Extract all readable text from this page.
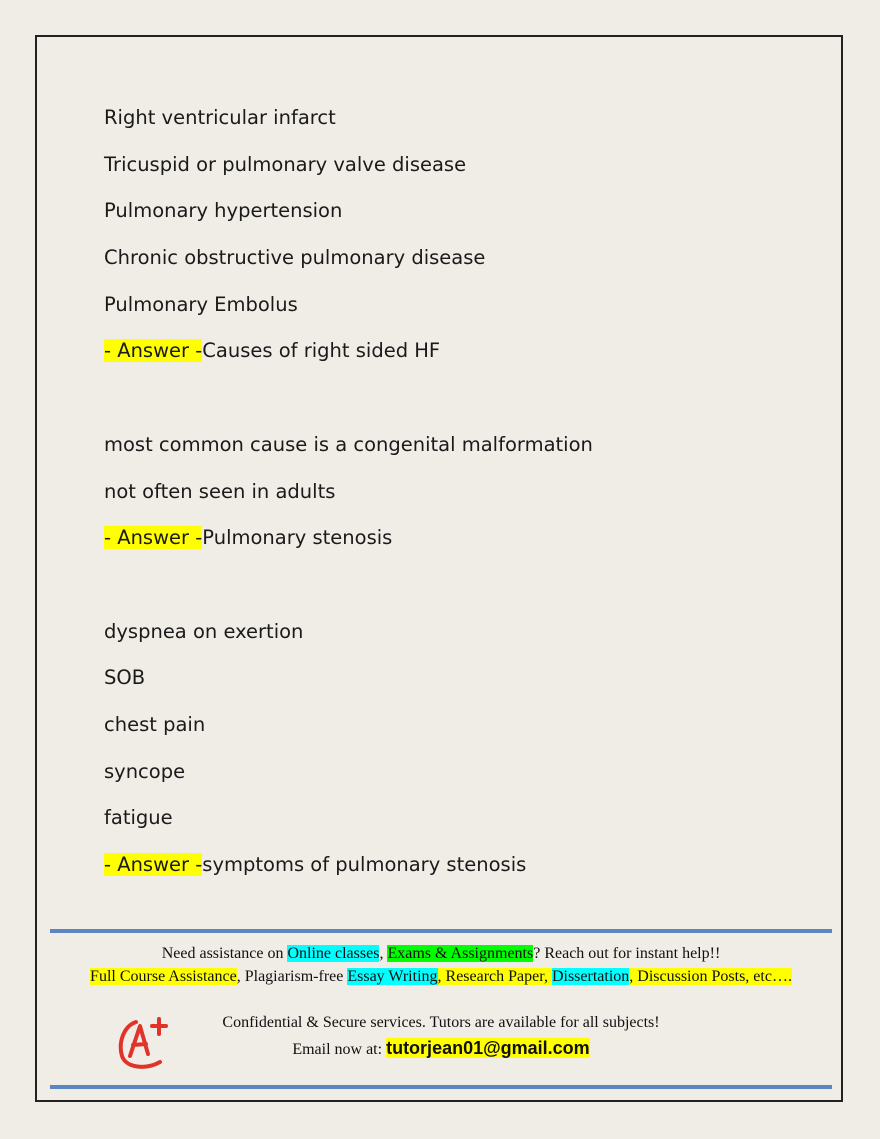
Right ventricular infarct
Tricuspid or pulmonary valve disease
Pulmonary hypertension
Chronic obstructive pulmonary disease
Pulmonary Embolus
- Answer -Causes of right sided HF
most common cause is a congenital malformation
not often seen in adults
- Answer -Pulmonary stenosis
dyspnea on exertion
SOB
chest pain
syncope
fatigue
- Answer -symptoms of pulmonary stenosis
Need assistance on Online classes, Exams & Assignments? Reach out for instant help!!
Full Course Assistance, Plagiarism-free Essay Writing, Research Paper, Dissertation, Discussion Posts, etc….
Confidential & Secure services. Tutors are available for all subjects!
Email now at: tutorjean01@gmail.com
